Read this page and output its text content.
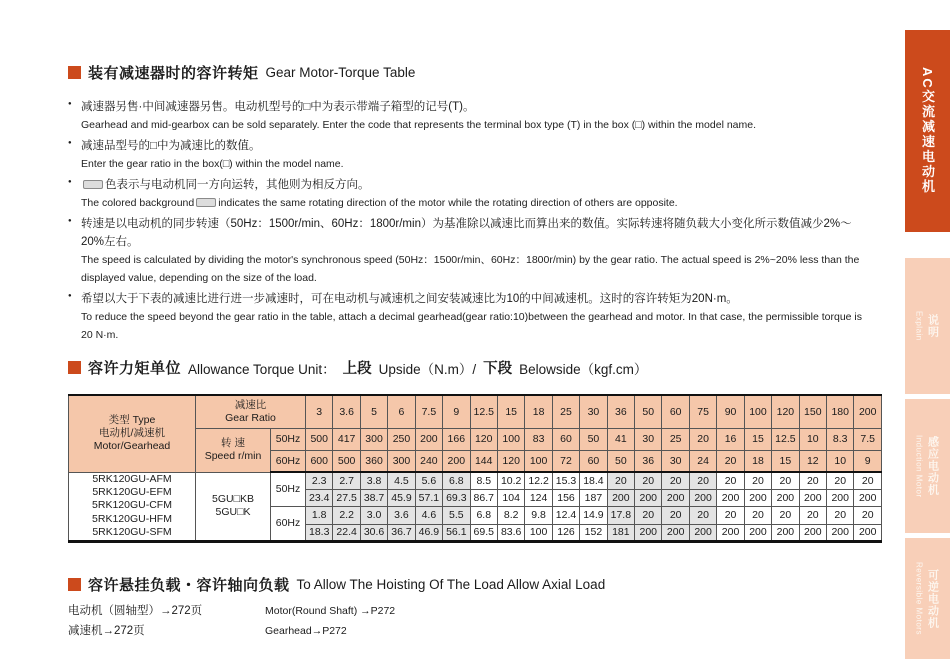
装有减速器时的容许转矩 Gear Motor-Torque Table
● 减速器另售·中间减速器另售。电动机型号的□中为表示带端子箱型的记号(T)。
Gearhead and mid-gearbox can be sold separately. Enter the code that represents the terminal box type (T) in the box (□) within the model name.
● 减速品型号的□中为减速比的数值。
Enter the gear ratio in the box(□) within the model name.
● 色表示与电动机同一方向运转，其他则为相反方向。
The colored background indicates the same rotating direction of the motor while the rotating direction of others are opposite.
● 转速是以电动机的同步转速（50Hz：1500r/min、60Hz：1800r/min）为基准除以减速比而算出来的数值。实际转速将随负载大小变化所示数值减少2%～20%左右。
The speed is calculated by dividing the motor's synchronous speed (50Hz：1500r/min、60Hz：1800r/min) by the gear ratio. The actual speed is 2%~20% less than the displayed value, depending on the size of the load.
● 希望以大于下表的减速比进行进一步减速时，可在电动机与减速机之间安装减速比为10的中间减速机。这时的容许转矩为20N·m。
To reduce the speed beyond the gear ratio in the table, attach a decimal gearhead(gear ratio:10)between the gearhead and motor. In that case, the permissible torque is 20 N·m.
容许力矩单位 Allowance Torque Unit： 上段 Upside（N.m）/ 下段 Belowside（kgf.cm）
类型 Type
电动机/减速机
Motor/Gearhead	减速比
Gear Ratio		3	3.6	5	6	7.5	9	12.5	15	18	25	30	36	50	60	75	90	100	120	150	180	200

	转 速
Speed r/min	50Hz	500	417	300	250	200	166	120	100	83	60	50	41	30	25	20	16	15	12.5	10	8.3	7.5
		60Hz	600	500	360	300	240	200	144	120	100	72	60	50	36	30	24	20	18	15	12	10	9

5RK120GU-AFM
5RK120GU-EFM
5RK120GU-CFM
5RK120GU-HFM
5RK120GU-SFM	5GU□KB
5GU□K	50Hz	2.3	2.7	3.8	4.5	5.6	6.8	8.5	10.2	12.2	15.3	18.4	20	20	20	20	20	20	20	20	20	20
			23.4	27.5	38.7	45.9	57.1	69.3	86.7	104	124	156	187	200	200	200	200	200	200	200	200	200	200
		60Hz	1.8	2.2	3.0	3.6	4.6	5.5	6.8	8.2	9.8	12.4	14.9	17.8	20	20	20	20	20	20	20	20	20
			18.3	22.4	30.6	36.7	46.9	56.1	69.5	83.6	100	126	152	181	200	200	200	200	200	200	200	200	200
容许悬挂负载・容许轴向负载 To Allow The Hoisting Of The Load Allow Axial Load
电动机（圆轴型）→272页	Motor(Round Shaft) →P272
减速机→272页	Gearhead→P272
AC交流减速电动机
Explain 说明
Induction Motor 感应电动机
Reversible Motors 可逆电动机
